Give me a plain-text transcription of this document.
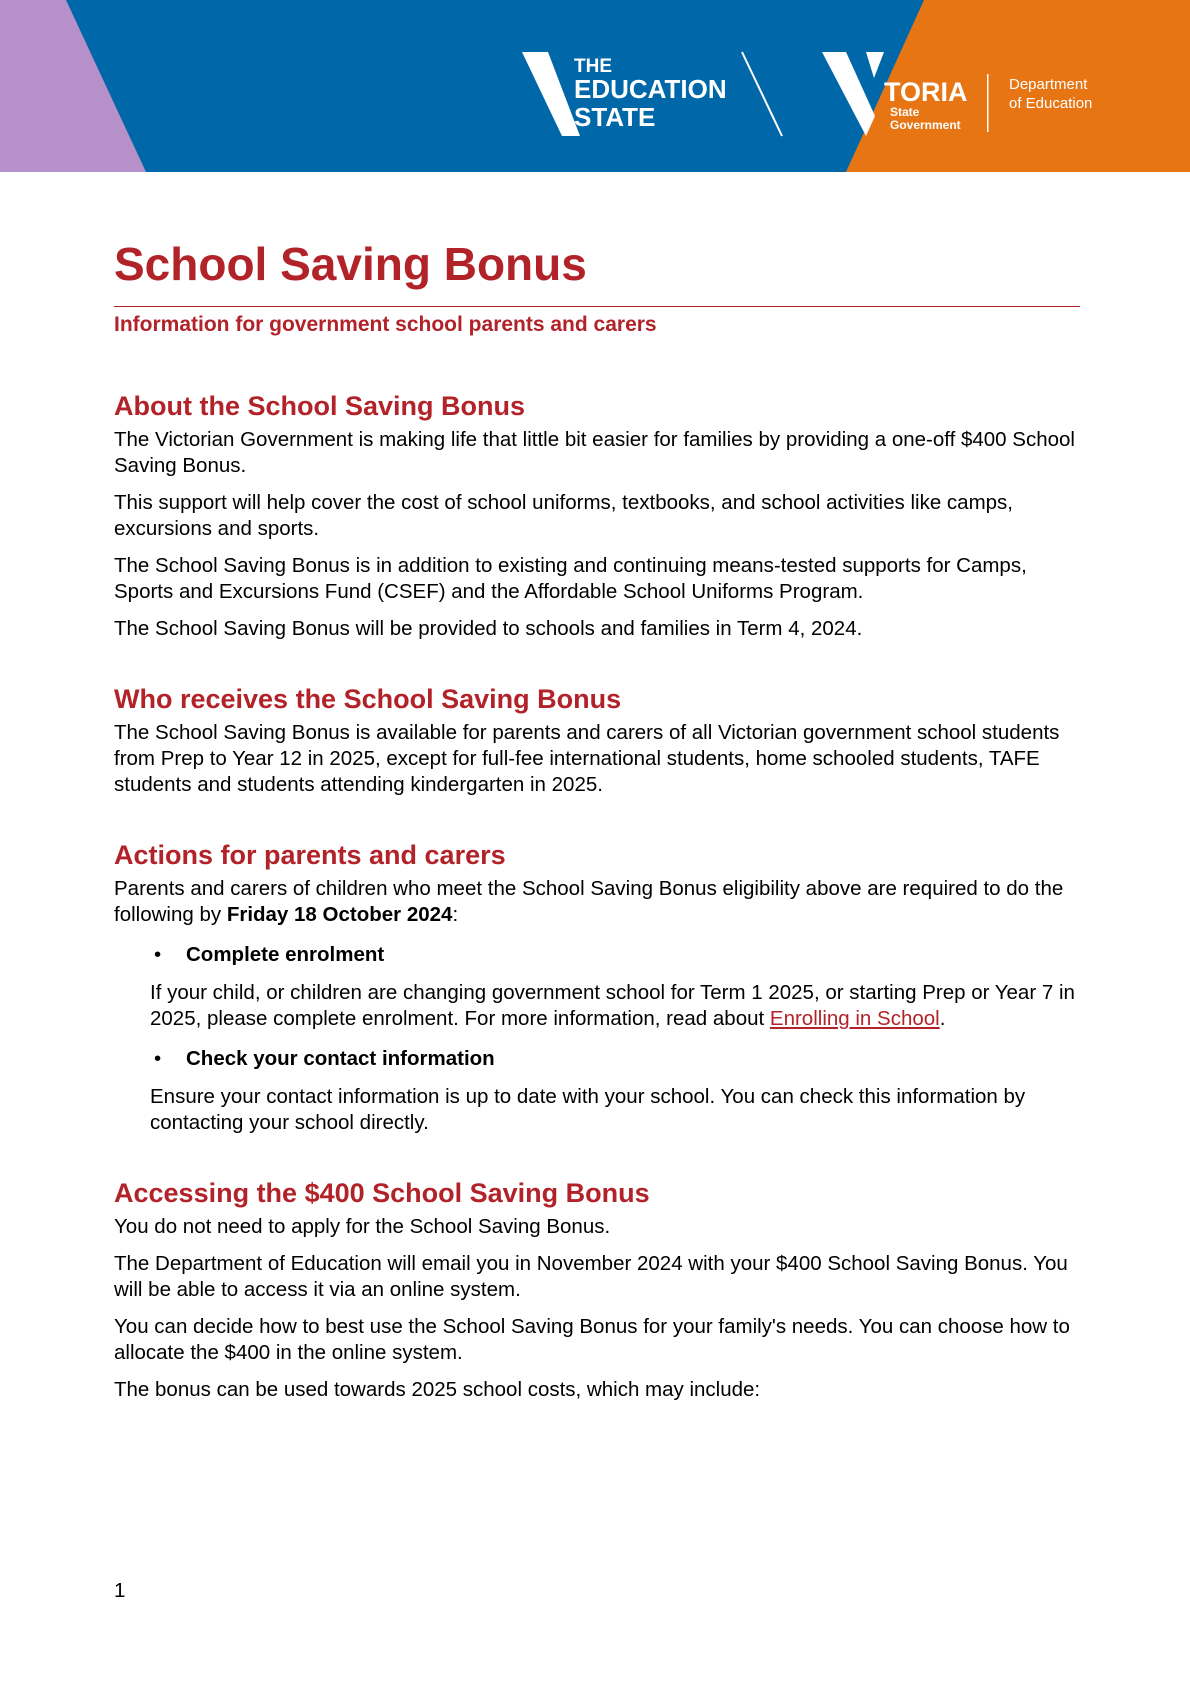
THE
EDUCATION
STATE
TORIA
State
Government
Department
of Education
School Saving Bonus

Information for government school parents and carers

About the School Saving Bonus

The Victorian Government is making life that little bit easier for families by providing a one-off $400 School Saving Bonus.

This support will help cover the cost of school uniforms, textbooks, and school activities like camps, excursions and sports.

The School Saving Bonus is in addition to existing and continuing means-tested supports for Camps, Sports and Excursions Fund (CSEF) and the Affordable School Uniforms Program.

The School Saving Bonus will be provided to schools and families in Term 4, 2024.

Who receives the School Saving Bonus

The School Saving Bonus is available for parents and carers of all Victorian government school students from Prep to Year 12 in 2025, except for full-fee international students, home schooled students, TAFE students and students attending kindergarten in 2025.

Actions for parents and carers

Parents and carers of children who meet the School Saving Bonus eligibility above are required to do the following by Friday 18 October 2024:

• Complete enrolment

If your child, or children are changing government school for Term 1 2025, or starting Prep or Year 7 in 2025, please complete enrolment. For more information, read about Enrolling in School.

• Check your contact information

Ensure your contact information is up to date with your school. You can check this information by contacting your school directly.

Accessing the $400 School Saving Bonus

You do not need to apply for the School Saving Bonus.

The Department of Education will email you in November 2024 with your $400 School Saving Bonus. You will be able to access it via an online system.

You can decide how to best use the School Saving Bonus for your family's needs. You can choose how to allocate the $400 in the online system.

The bonus can be used towards 2025 school costs, which may include:

1
